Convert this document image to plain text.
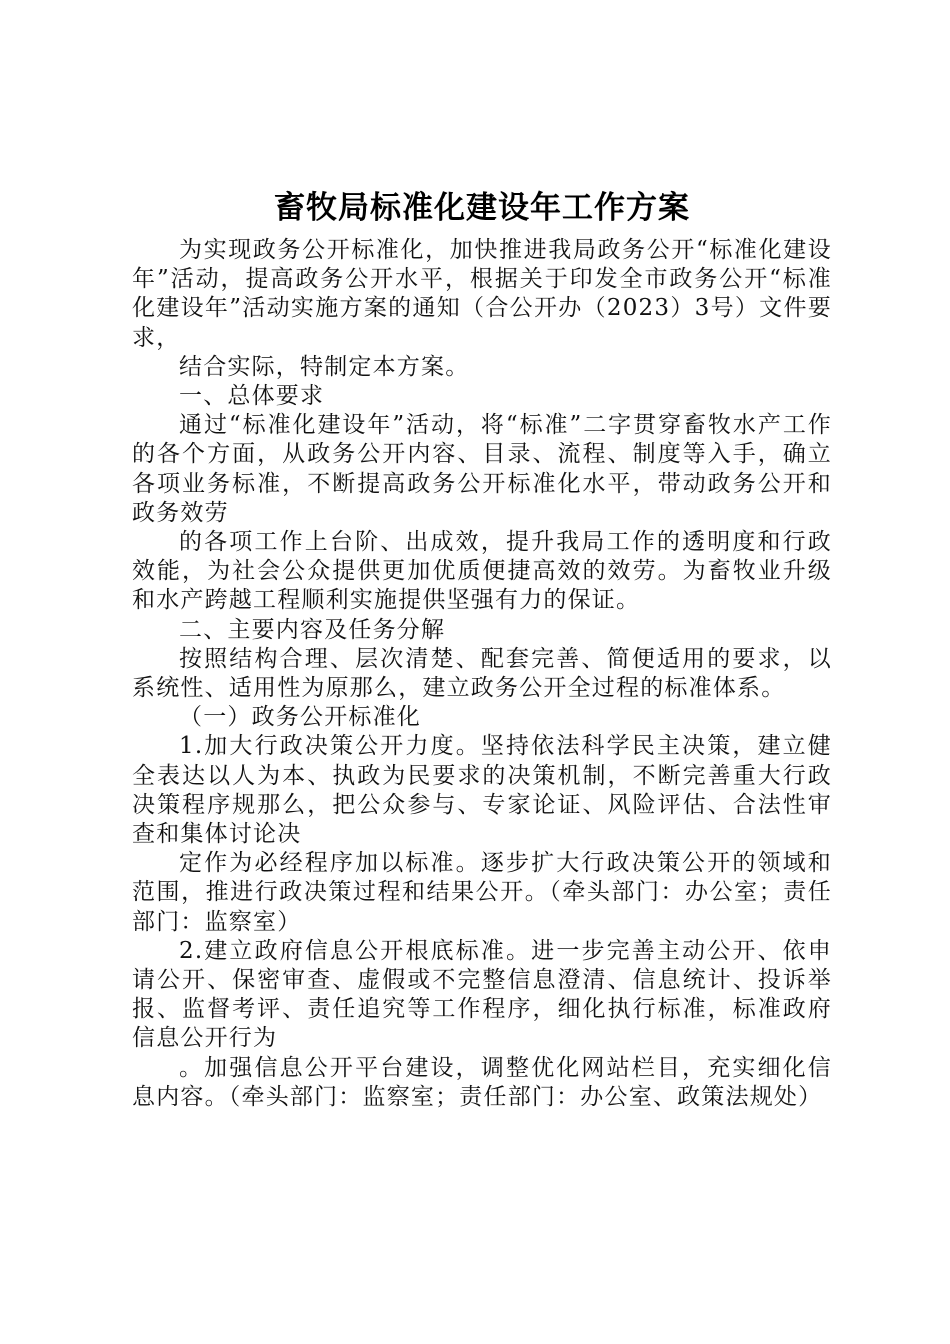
畜牧局标准化建设年工作方案

为实现政务公开标准化，加快推进我局政务公开“标准化建设年”活动，提高政务公开水平，根据关于印发全市政务公开“标准化建设年”活动实施方案的通知（合公开办（2023）3号）文件要求，

结合实际，特制定本方案。

一、总体要求

通过“标准化建设年”活动，将“标准”二字贯穿畜牧水产工作的各个方面，从政务公开内容、目录、流程、制度等入手，确立各项业务标准，不断提高政务公开标准化水平，带动政务公开和政务效劳

的各项工作上台阶、出成效，提升我局工作的透明度和行政效能，为社会公众提供更加优质便捷高效的效劳。为畜牧业升级和水产跨越工程顺利实施提供坚强有力的保证。

二、主要内容及任务分解

按照结构合理、层次清楚、配套完善、简便适用的要求，以系统性、适用性为原那么，建立政务公开全过程的标准体系。

（一）政务公开标准化

1.加大行政决策公开力度。坚持依法科学民主决策，建立健全表达以人为本、执政为民要求的决策机制，不断完善重大行政决策程序规那么，把公众参与、专家论证、风险评估、合法性审查和集体讨论决

定作为必经程序加以标准。逐步扩大行政决策公开的领域和范围，推进行政决策过程和结果公开。（牵头部门：办公室；责任部门：监察室）

2.建立政府信息公开根底标准。进一步完善主动公开、依申请公开、保密审查、虚假或不完整信息澄清、信息统计、投诉举报、监督考评、责任追究等工作程序，细化执行标准，标准政府信息公开行为

。加强信息公开平台建设，调整优化网站栏目，充实细化信息内容。（牵头部门：监察室；责任部门：办公室、政策法规处）
